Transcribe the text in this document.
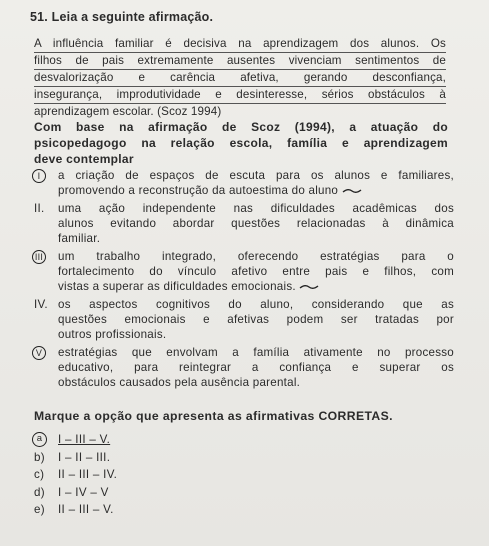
51. Leia a seguinte afirmação.
A influência familiar é decisiva na aprendizagem dos alunos. Os
filhos de pais extremamente ausentes vivenciam sentimentos de
desvalorização e carência afetiva, gerando desconfiança,
insegurança, improdutividade e desinteresse, sérios obstáculos à
aprendizagem escolar. (Scoz 1994)
Com base na afirmação de Scoz (1994), a atuação do
psicopedagogo na relação escola, família e aprendizagem
deve contemplar
I	a criação de espaços de escuta para os alunos e familiares,
promovendo a reconstrução da autoestima do aluno
II.	uma ação independente nas dificuldades acadêmicas dos
alunos evitando abordar questões relacionadas à dinâmica
familiar.
III um trabalho integrado, oferecendo estratégias para o
fortalecimento do vínculo afetivo entre pais e filhos, com
vistas a superar as dificuldades emocionais.
IV. os aspectos cognitivos do aluno, considerando que as
questões emocionais e afetivas podem ser tratadas por
outros profissionais.
V	estratégias que envolvam a família ativamente no processo
educativo, para reintegrar a confiança e superar os
obstáculos causados pela ausência parental.
Marque a opção que apresenta as afirmativas CORRETAS.
a	I – III – V.
b) I – II – III.
c) II – III – IV.
d) I – IV – V
e) II – III – V.
